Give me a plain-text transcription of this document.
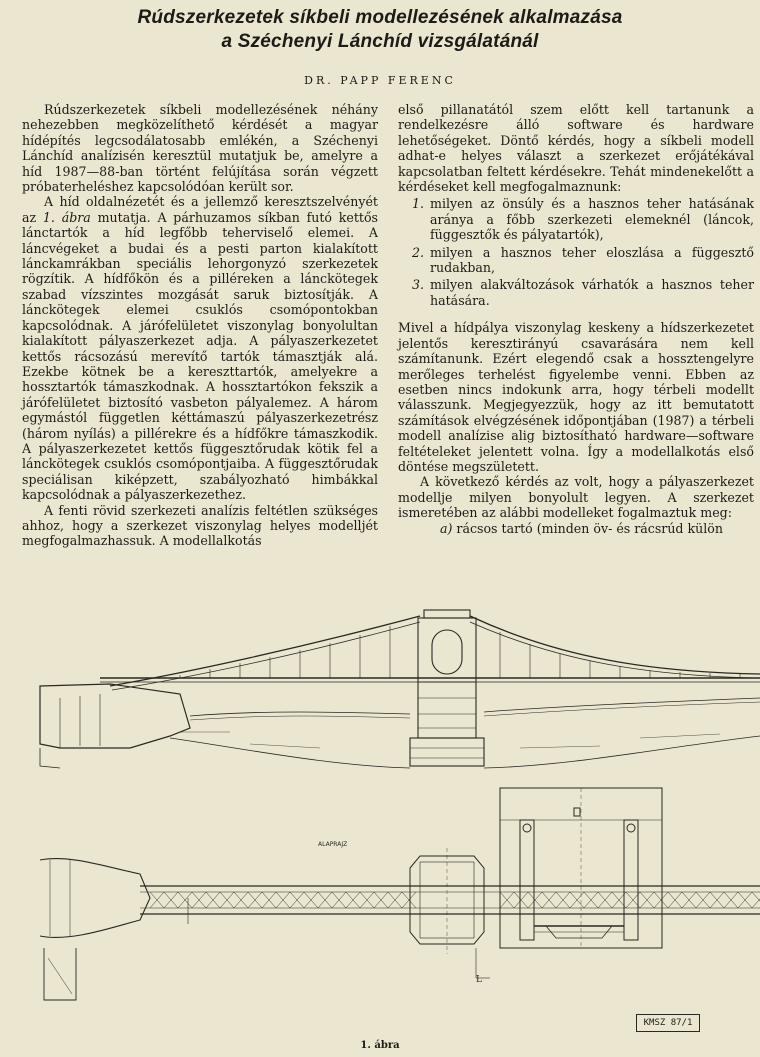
Rúdszerkezetek síkbeli modellezésének alkalmazása
a Széchenyi Lánchíd vizsgálatánál
DR. PAPP FERENC

Rúdszerkezetek síkbeli modellezésének néhány nehezebben megközelíthető kérdését a magyar hídépítés legcsodálatosabb emlékén, a Széchenyi Lánchíd analízisén keresztül mutatjuk be, amelyre a híd 1987—88-ban történt felújítása során végzett próbaterheléshez kapcsolódóan került sor.

A híd oldalnézetét és a jellemző keresztszelvényét az 1. ábra mutatja. A párhuzamos síkban futó kettős lánctartók a híd legfőbb teherviselő elemei. A láncvégeket a budai és a pesti parton kialakított lánckamrákban speciális lehorgonyzó szerkezetek rögzítik. A hídfőkön és a pilléreken a lánckötegek szabad vízszintes mozgását saruk biztosítják. A lánckötegek elemei csuklós csomópontokban kapcsolódnak. A járófelületet viszonylag bonyolultan kialakított pályaszerkezet adja. A pályaszerkezetet kettős rácsozású merevítő tartók támasztják alá. Ezekbe kötnek be a kereszttartók, amelyekre a hossztartók támaszkodnak. A hossztartókon fekszik a járófelületet biztosító vasbeton pályalemez. A három egymástól független kéttámaszú pályaszerkezetrész (három nyílás) a pillérekre és a hídfőkre támaszkodik. A pályaszerkezetet kettős függesztőrudak kötik fel a lánckötegek csuklós csomópontjaiba. A függesztőrudak speciálisan kiképzett, szabályozható himbákkal kapcsolódnak a pályaszerkezethez.

A fenti rövid szerkezeti analízis feltétlen szükséges ahhoz, hogy a szerkezet viszonylag helyes modelljét megfogalmazhassuk. A modellalkotás

első pillanatától szem előtt kell tartanunk a rendelkezésre álló software és hardware lehetőségeket. Döntő kérdés, hogy a síkbeli modell adhat-e helyes választ a szerkezet erőjátékával kapcsolatban feltett kérdésekre. Tehát mindenekelőtt a kérdéseket kell megfogalmaznunk:

1. milyen az önsúly és a hasznos teher hatásának aránya a főbb szerkezeti elemeknél (láncok, függesztők és pályatartók),
2. milyen a hasznos teher eloszlása a függesztő rudakban,
3. milyen alakváltozások várhatók a hasznos teher hatására.

Mivel a hídpálya viszonylag keskeny a hídszerkezetet jelentős keresztirányú csavarására nem kell számítanunk. Ezért elegendő csak a hossztengelyre merőleges terhelést figyelembe venni. Ebben az esetben nincs indokunk arra, hogy térbeli modellt válasszunk. Megjegyezzük, hogy az itt bemutatott számítások elvégzésének időpontjában (1987) a térbeli modell analízise alig biztosítható hardware—software feltételeket jelentett volna. Így a modellalkotás első döntése megszületett.

A következő kérdés az volt, hogy a pályaszerkezet modellje milyen bonyolult legyen. A szerkezet ismeretében az alábbi modelleket fogalmaztuk meg:

a) rácsos tartó (minden öv- és rácsrúd külön

ALAPRAJZ
L
KMSZ 87/1
1. ábra
